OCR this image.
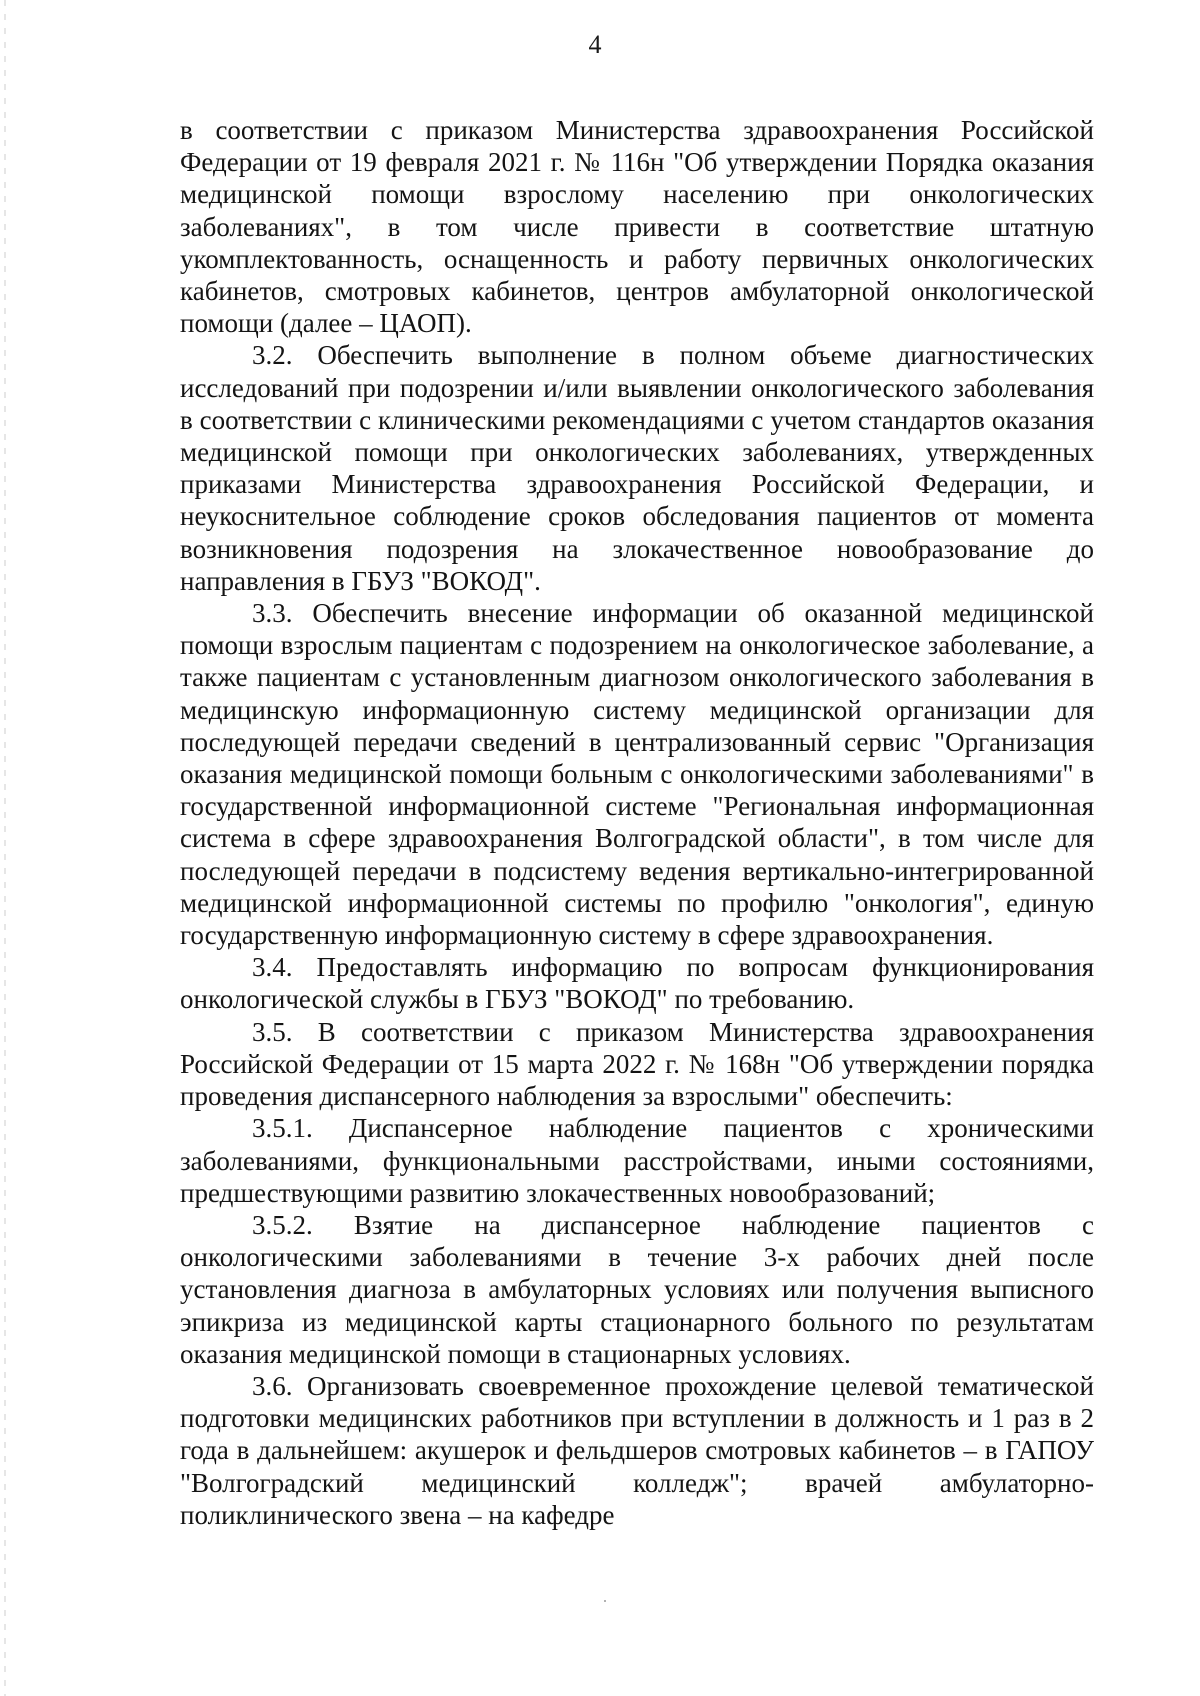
4

в соответствии с приказом Министерства здравоохранения Российской Федерации от 19 февраля 2021 г. № 116н "Об утверждении Порядка оказания медицинской помощи взрослому населению при онкологических заболеваниях", в том числе привести в соответствие штатную укомплектованность, оснащенность и работу первичных онкологических кабинетов, смотровых кабинетов, центров амбулаторной онкологической помощи (далее – ЦАОП).

3.2. Обеспечить выполнение в полном объеме диагностических исследований при подозрении и/или выявлении онкологического заболевания в соответствии с клиническими рекомендациями с учетом стандартов оказания медицинской помощи при онкологических заболеваниях, утвержденных приказами Министерства здравоохранения Российской Федерации, и неукоснительное соблюдение сроков обследования пациентов от момента возникновения подозрения на злокачественное новообразование до направления в ГБУЗ "ВОКОД".

3.3. Обеспечить внесение информации об оказанной медицинской помощи взрослым пациентам с подозрением на онкологическое заболевание, а также пациентам с установленным диагнозом онкологического заболевания в медицинскую информационную систему медицинской организации для последующей передачи сведений в централизованный сервис "Организация оказания медицинской помощи больным с онкологическими заболеваниями" в государственной информационной системе "Региональная информационная система в сфере здравоохранения Волгоградской области", в том числе для последующей передачи в подсистему ведения вертикально-интегрированной медицинской информационной системы по профилю "онкология", единую государственную информационную систему в сфере здравоохранения.

3.4. Предоставлять информацию по вопросам функционирования онкологической службы в ГБУЗ "ВОКОД" по требованию.

3.5. В соответствии с приказом Министерства здравоохранения Российской Федерации от 15 марта 2022 г. № 168н "Об утверждении порядка проведения диспансерного наблюдения за взрослыми" обеспечить:

3.5.1. Диспансерное наблюдение пациентов с хроническими заболеваниями, функциональными расстройствами, иными состояниями, предшествующими развитию злокачественных новообразований;

3.5.2. Взятие на диспансерное наблюдение пациентов с онкологическими заболеваниями в течение 3-х рабочих дней после установления диагноза в амбулаторных условиях или получения выписного эпикриза из медицинской карты стационарного больного по результатам оказания медицинской помощи в стационарных условиях.

3.6. Организовать своевременное прохождение целевой тематической подготовки медицинских работников при вступлении в должность и 1 раз в 2 года в дальнейшем: акушерок и фельдшеров смотровых кабинетов – в ГАПОУ "Волгоградский медицинский колледж"; врачей амбулаторно-поликлинического звена – на кафедре
